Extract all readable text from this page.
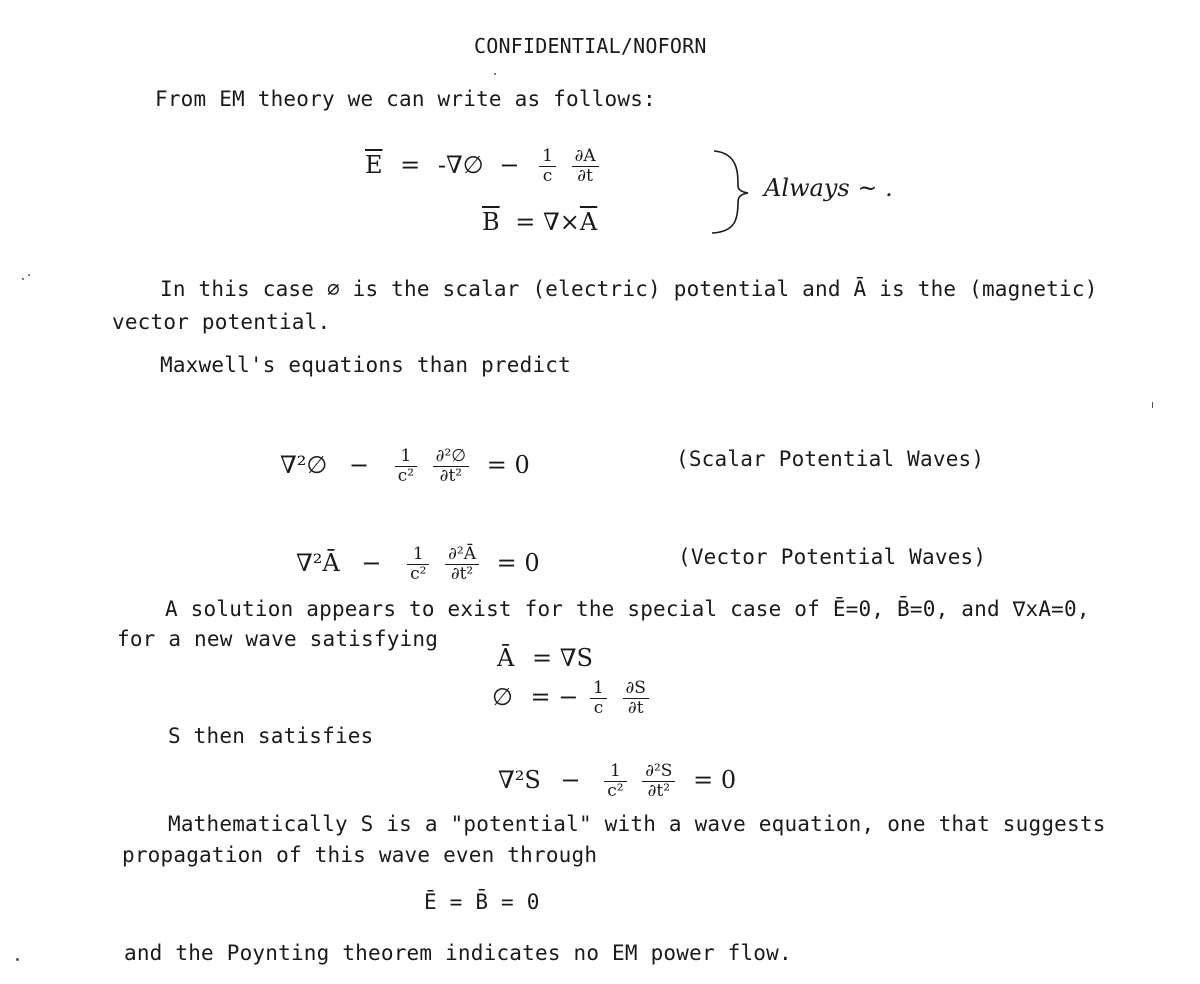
CONFIDENTIAL/NOFORN
From EM theory we can write as follows:
$\overline{E}$ = -∇∅ − $\frac{1}{c}$
$\frac{\partial A}{\partial t}$
$\overline{B} = \nabla\times\overline{A}$
Always ~ .
In this case ∅ is the scalar (electric) potential and Ā is the (magnetic)
vector potential.
Maxwell's equations than predict
∇²∅ − $\frac{1}{\text{c²}}$
$\frac{\text{∂²∅}}{\text{∂t²}} = 0$	(Scalar Potential Waves)
∇²Ā − $\frac{1}{\text{c²}}$
$\frac{\text{∂²Ā}}{\text{∂t²}} = 0$	(Vector Potential Waves)
A solution appears to exist for the special case of Ē=0, B̄=0, and ∇xA=0,
for a new wave satisfying
Ā = ∇S
∅ = − $\frac{1}{c}$
$\frac{\partial S}{\partial t}$
S then satisfies
$\nabla^2S - \frac{1}{\text{c²}}$
$\frac{\text{∂²S}}{\text{∂t²}} = 0$
Mathematically S is a "potential" with a wave equation, one that suggests
propagation of this wave even through
Ē = B̄ = 0
and the Poynting theorem indicates no EM power flow.
